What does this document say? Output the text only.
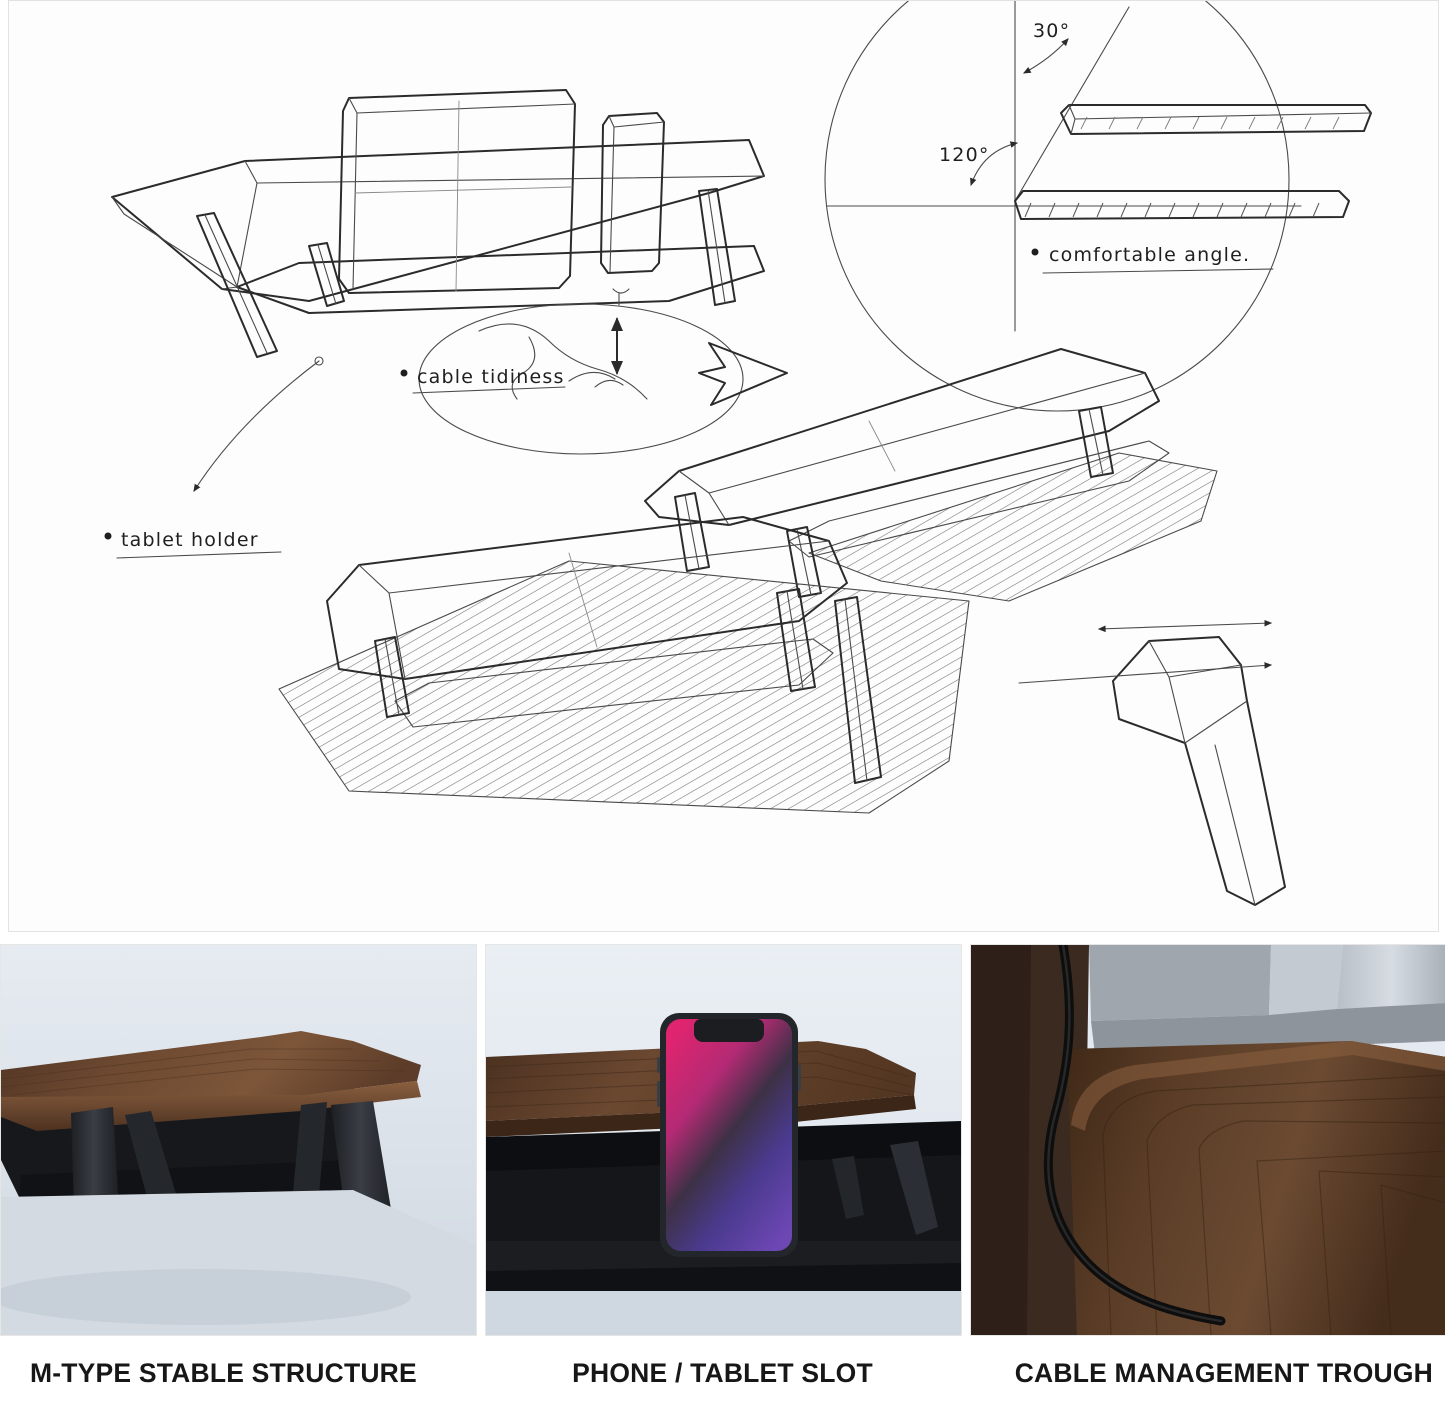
tablet holder
cable tidiness
30°
120°
comfortable angle.
M-TYPE STABLE STRUCTURE	PHONE / TABLET SLOT	CABLE MANAGEMENT TROUGH
